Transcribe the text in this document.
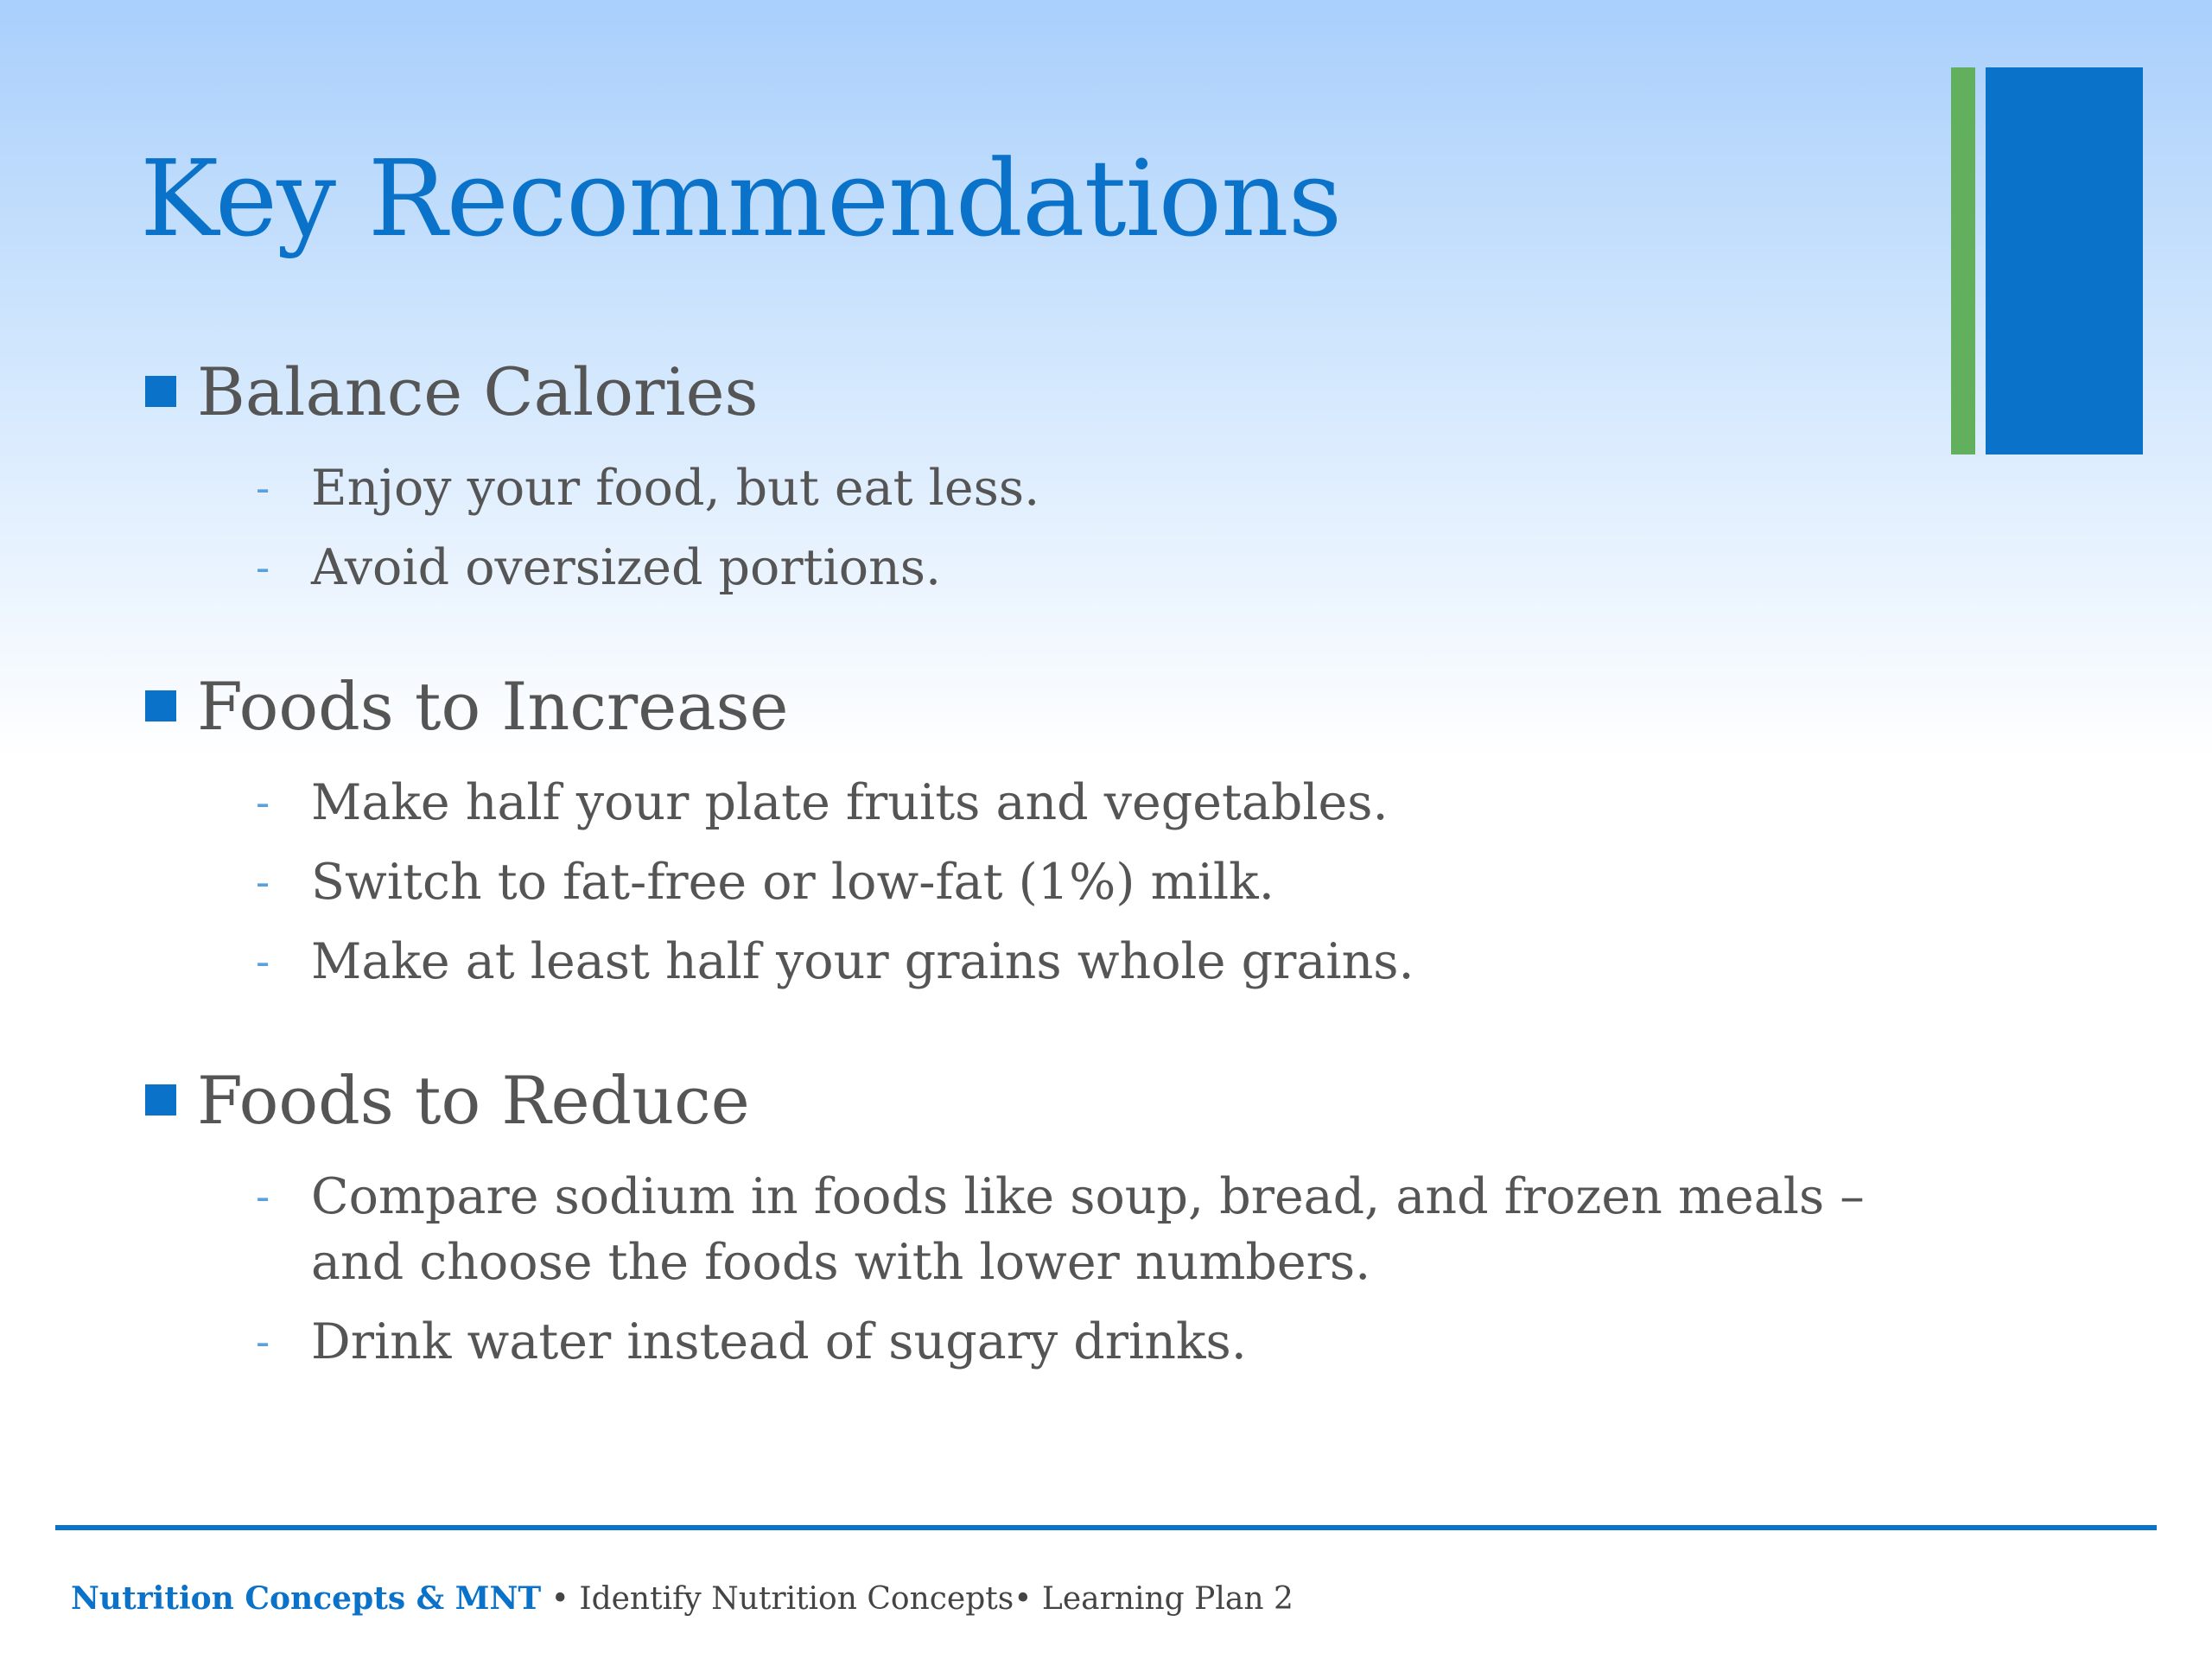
Key Recommendations
Balance Calories
- Enjoy your food, but eat less.
- Avoid oversized portions.
Foods to Increase
- Make half your plate fruits and vegetables.
- Switch to fat-free or low-fat (1%) milk.
- Make at least half your grains whole grains.
Foods to Reduce
- Compare sodium in foods like soup, bread, and frozen meals – and choose the foods with lower numbers.
- Drink water instead of sugary drinks.
Nutrition Concepts & MNT • Identify Nutrition Concepts• Learning Plan 2
